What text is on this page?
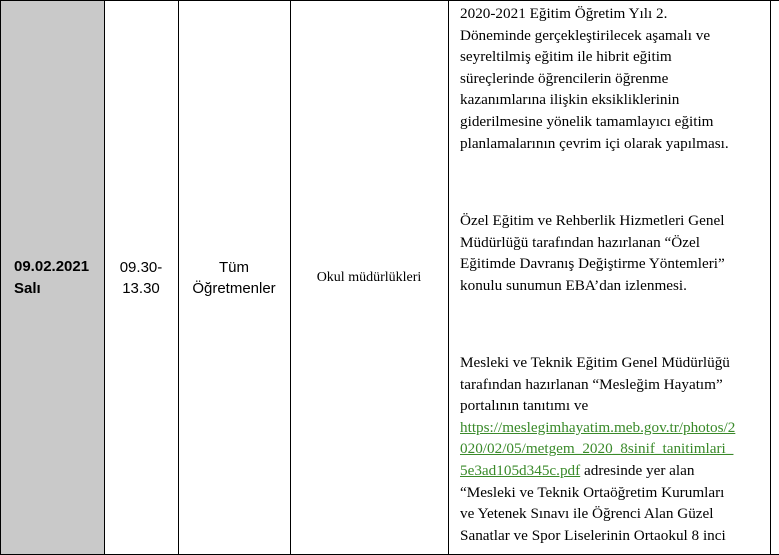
09.02.2021
Salı
09.30-
13.30
Tüm
Öğretmenler
Okul müdürlükleri

2020-2021 Eğitim Öğretim Yılı 2.
Döneminde gerçekleştirilecek aşamalı ve
seyreltilmiş eğitim ile hibrit eğitim
süreçlerinde öğrencilerin öğrenme
kazanımlarına ilişkin eksikliklerinin
giderilmesine yönelik tamamlayıcı eğitim
planlamalarının çevrim içi olarak yapılması.

Özel Eğitim ve Rehberlik Hizmetleri Genel
Müdürlüğü tarafından hazırlanan “Özel
Eğitimde Davranış Değiştirme Yöntemleri”
konulu sunumun EBA’dan izlenmesi.

Mesleki ve Teknik Eğitim Genel Müdürlüğü
tarafından hazırlanan “Mesleğim Hayatım”
portalının tanıtımı ve
https://meslegimhayatim.meb.gov.tr/photos/2
020/02/05/metgem_2020_8sinif_tanitimlari_
5e3ad105d345c.pdf adresinde yer alan
“Mesleki ve Teknik Ortaöğretim Kurumları
ve Yetenek Sınavı ile Öğrenci Alan Güzel
Sanatlar ve Spor Liselerinin Ortaokul 8 inci
